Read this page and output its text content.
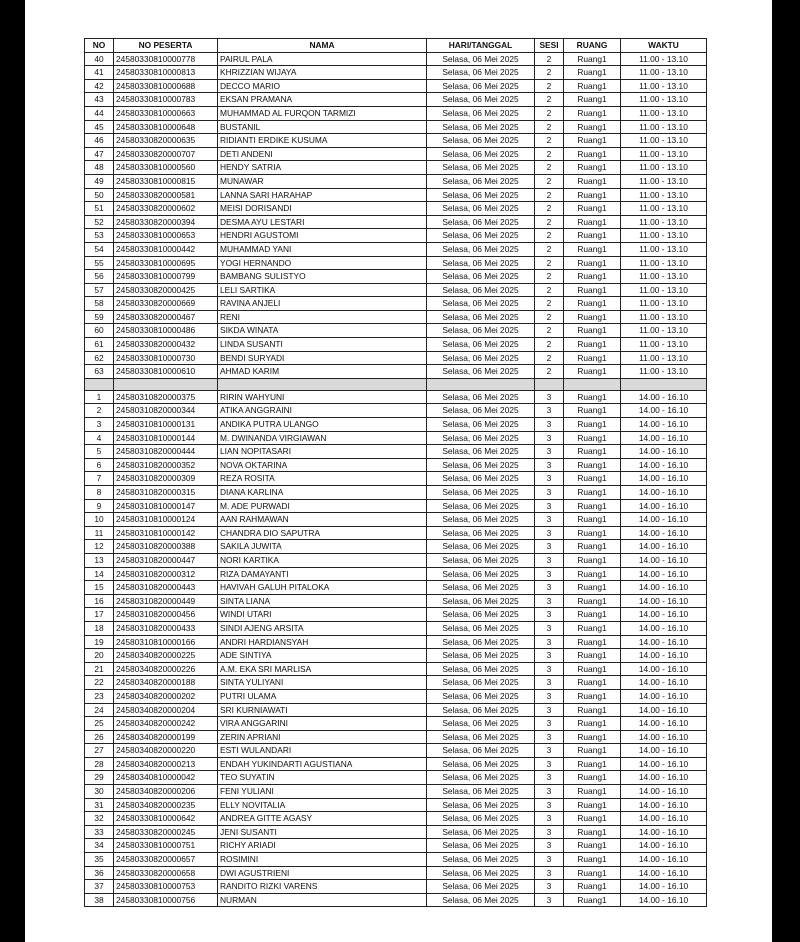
NO	NO PESERTA	NAMA	HARI/TANGGAL	SESI	RUANG	WAKTU
40	24580330810000778	PAIRUL PALA	Selasa, 06 Mei 2025	2	Ruang1	11.00 - 13.10
41	24580330810000813	KHRIZZIAN WIJAYA	Selasa, 06 Mei 2025	2	Ruang1	11.00 - 13.10
42	24580330810000688	DECCO MARIO	Selasa, 06 Mei 2025	2	Ruang1	11.00 - 13.10
43	24580330810000783	EKSAN PRAMANA	Selasa, 06 Mei 2025	2	Ruang1	11.00 - 13.10
44	24580330810000663	MUHAMMAD AL FURQON TARMIZI	Selasa, 06 Mei 2025	2	Ruang1	11.00 - 13.10
45	24580330810000648	BUSTANIL	Selasa, 06 Mei 2025	2	Ruang1	11.00 - 13.10
46	24580330820000635	RIDIANTI ERDIKE KUSUMA	Selasa, 06 Mei 2025	2	Ruang1	11.00 - 13.10
47	24580330820000707	DETI ANDENI	Selasa, 06 Mei 2025	2	Ruang1	11.00 - 13.10
48	24580330810000560	HENDY SATRIA	Selasa, 06 Mei 2025	2	Ruang1	11.00 - 13.10
49	24580330810000815	MUNAWAR	Selasa, 06 Mei 2025	2	Ruang1	11.00 - 13.10
50	24580330820000581	LANNA SARI HARAHAP	Selasa, 06 Mei 2025	2	Ruang1	11.00 - 13.10
51	24580330820000602	MEISI DORISANDI	Selasa, 06 Mei 2025	2	Ruang1	11.00 - 13.10
52	24580330820000394	DESMA AYU LESTARI	Selasa, 06 Mei 2025	2	Ruang1	11.00 - 13.10
53	24580330810000653	HENDRI AGUSTOMI	Selasa, 06 Mei 2025	2	Ruang1	11.00 - 13.10
54	24580330810000442	MUHAMMAD YANI	Selasa, 06 Mei 2025	2	Ruang1	11.00 - 13.10
55	24580330810000695	YOGI HERNANDO	Selasa, 06 Mei 2025	2	Ruang1	11.00 - 13.10
56	24580330810000799	BAMBANG SULISTYO	Selasa, 06 Mei 2025	2	Ruang1	11.00 - 13.10
57	24580330820000425	LELI SARTIKA	Selasa, 06 Mei 2025	2	Ruang1	11.00 - 13.10
58	24580330820000669	RAVINA ANJELI	Selasa, 06 Mei 2025	2	Ruang1	11.00 - 13.10
59	24580330820000467	RENI	Selasa, 06 Mei 2025	2	Ruang1	11.00 - 13.10
60	24580330810000486	SIKDA WINATA	Selasa, 06 Mei 2025	2	Ruang1	11.00 - 13.10
61	24580330820000432	LINDA SUSANTI	Selasa, 06 Mei 2025	2	Ruang1	11.00 - 13.10
62	24580330810000730	BENDI SURYADI	Selasa, 06 Mei 2025	2	Ruang1	11.00 - 13.10
63	24580330810000610	AHMAD KARIM	Selasa, 06 Mei 2025	2	Ruang1	11.00 - 13.10

1	24580310820000375	RIRIN WAHYUNI	Selasa, 06 Mei 2025	3	Ruang1	14.00 - 16.10
2	24580310820000344	ATIKA ANGGRAINI	Selasa, 06 Mei 2025	3	Ruang1	14.00 - 16.10
3	24580310810000131	ANDIKA PUTRA ULANGO	Selasa, 06 Mei 2025	3	Ruang1	14.00 - 16.10
4	24580310810000144	M. DWINANDA VIRGIAWAN	Selasa, 06 Mei 2025	3	Ruang1	14.00 - 16.10
5	24580310820000444	LIAN NOPITASARI	Selasa, 06 Mei 2025	3	Ruang1	14.00 - 16.10
6	24580310820000352	NOVA OKTARINA	Selasa, 06 Mei 2025	3	Ruang1	14.00 - 16.10
7	24580310820000309	REZA ROSITA	Selasa, 06 Mei 2025	3	Ruang1	14.00 - 16.10
8	24580310820000315	DIANA KARLINA	Selasa, 06 Mei 2025	3	Ruang1	14.00 - 16.10
9	24580310810000147	M. ADE PURWADI	Selasa, 06 Mei 2025	3	Ruang1	14.00 - 16.10
10	24580310810000124	AAN RAHMAWAN	Selasa, 06 Mei 2025	3	Ruang1	14.00 - 16.10
11	24580310810000142	CHANDRA DIO SAPUTRA	Selasa, 06 Mei 2025	3	Ruang1	14.00 - 16.10
12	24580310820000388	SAKILA JUWITA	Selasa, 06 Mei 2025	3	Ruang1	14.00 - 16.10
13	24580310820000447	NORI KARTIKA	Selasa, 06 Mei 2025	3	Ruang1	14.00 - 16.10
14	24580310820000312	RIZA DAMAYANTI	Selasa, 06 Mei 2025	3	Ruang1	14.00 - 16.10
15	24580310820000443	HAVIVAH GALUH PITALOKA	Selasa, 06 Mei 2025	3	Ruang1	14.00 - 16.10
16	24580310820000449	SINTA LIANA	Selasa, 06 Mei 2025	3	Ruang1	14.00 - 16.10
17	24580310820000456	WINDI UTARI	Selasa, 06 Mei 2025	3	Ruang1	14.00 - 16.10
18	24580310820000433	SINDI AJENG ARSITA	Selasa, 06 Mei 2025	3	Ruang1	14.00 - 16.10
19	24580310810000166	ANDRI HARDIANSYAH	Selasa, 06 Mei 2025	3	Ruang1	14.00 - 16.10
20	24580340820000225	ADE SINTIYA	Selasa, 06 Mei 2025	3	Ruang1	14.00 - 16.10
21	24580340820000226	A.M. EKA SRI MARLISA	Selasa, 06 Mei 2025	3	Ruang1	14.00 - 16.10
22	24580340820000188	SINTA YULIYANI	Selasa, 06 Mei 2025	3	Ruang1	14.00 - 16.10
23	24580340820000202	PUTRI ULAMA	Selasa, 06 Mei 2025	3	Ruang1	14.00 - 16.10
24	24580340820000204	SRI KURNIAWATI	Selasa, 06 Mei 2025	3	Ruang1	14.00 - 16.10
25	24580340820000242	VIRA ANGGARINI	Selasa, 06 Mei 2025	3	Ruang1	14.00 - 16.10
26	24580340820000199	ZERIN APRIANI	Selasa, 06 Mei 2025	3	Ruang1	14.00 - 16.10
27	24580340820000220	ESTI WULANDARI	Selasa, 06 Mei 2025	3	Ruang1	14.00 - 16.10
28	24580340820000213	ENDAH YUKINDARTI AGUSTIANA	Selasa, 06 Mei 2025	3	Ruang1	14.00 - 16.10
29	24580340810000042	TEO SUYATIN	Selasa, 06 Mei 2025	3	Ruang1	14.00 - 16.10
30	24580340820000206	FENI YULIANI	Selasa, 06 Mei 2025	3	Ruang1	14.00 - 16.10
31	24580340820000235	ELLY NOVITALIA	Selasa, 06 Mei 2025	3	Ruang1	14.00 - 16.10
32	24580330810000642	ANDREA GITTE AGASY	Selasa, 06 Mei 2025	3	Ruang1	14.00 - 16.10
33	24580330820000245	JENI SUSANTI	Selasa, 06 Mei 2025	3	Ruang1	14.00 - 16.10
34	24580330810000751	RICHY ARIADI	Selasa, 06 Mei 2025	3	Ruang1	14.00 - 16.10
35	24580330820000657	ROSIMINI	Selasa, 06 Mei 2025	3	Ruang1	14.00 - 16.10
36	24580330820000658	DWI AGUSTRIENI	Selasa, 06 Mei 2025	3	Ruang1	14.00 - 16.10
37	24580330810000753	RANDITO RIZKI VARENS	Selasa, 06 Mei 2025	3	Ruang1	14.00 - 16.10
38	24580330810000756	NURMAN	Selasa, 06 Mei 2025	3	Ruang1	14.00 - 16.10
